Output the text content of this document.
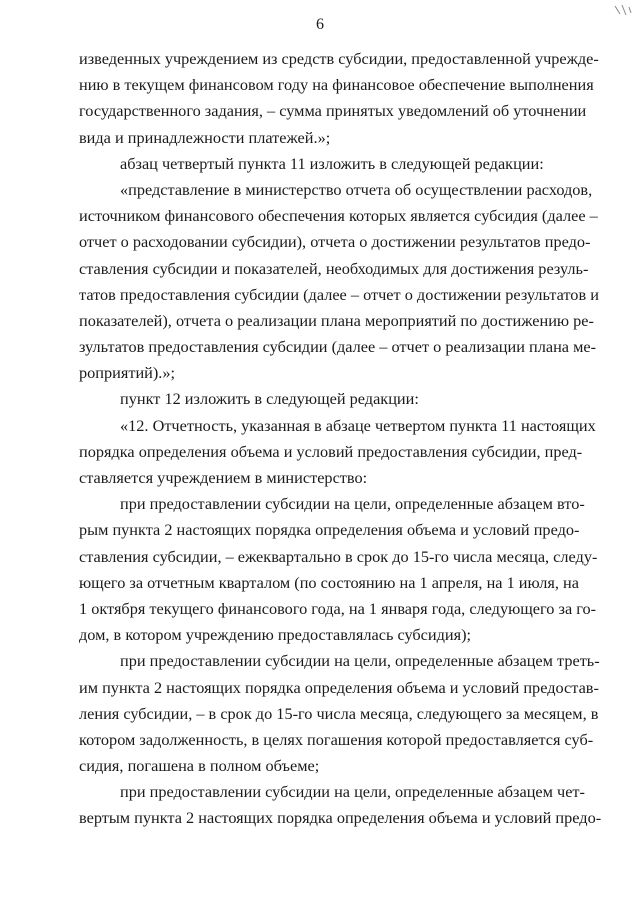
6
изведенных учреждением из средств субсидии, предоставленной учрежде-
нию в текущем финансовом году на финансовое обеспечение выполнения
государственного задания, – сумма принятых уведомлений об уточнении
вида и принадлежности платежей.»;
абзац четвертый пункта 11 изложить в следующей редакции:
«представление в министерство отчета об осуществлении расходов,
источником финансового обеспечения которых является субсидия (далее –
отчет о расходовании субсидии), отчета о достижении результатов предо-
ставления субсидии и показателей, необходимых для достижения резуль-
татов предоставления субсидии (далее – отчет о достижении результатов и
показателей), отчета о реализации плана мероприятий по достижению ре-
зультатов предоставления субсидии (далее – отчет о реализации плана ме-
роприятий).»;
пункт 12 изложить в следующей редакции:
«12. Отчетность, указанная в абзаце четвертом пункта 11 настоящих
порядка определения объема и условий предоставления субсидии, пред-
ставляется учреждением в министерство:
при предоставлении субсидии на цели, определенные абзацем вто-
рым пункта 2 настоящих порядка определения объема и условий предо-
ставления субсидии, – ежеквартально в срок до 15-го числа месяца, следу-
ющего за отчетным кварталом (по состоянию на 1 апреля, на 1 июля, на
1 октября текущего финансового года, на 1 января года, следующего за го-
дом, в котором учреждению предоставлялась субсидия);
при предоставлении субсидии на цели, определенные абзацем треть-
им пункта 2 настоящих порядка определения объема и условий предостав-
ления субсидии, – в срок до 15-го числа месяца, следующего за месяцем, в
котором задолженность, в целях погашения которой предоставляется суб-
сидия, погашена в полном объеме;
при предоставлении субсидии на цели, определенные абзацем чет-
вертым пункта 2 настоящих порядка определения объема и условий предо-
